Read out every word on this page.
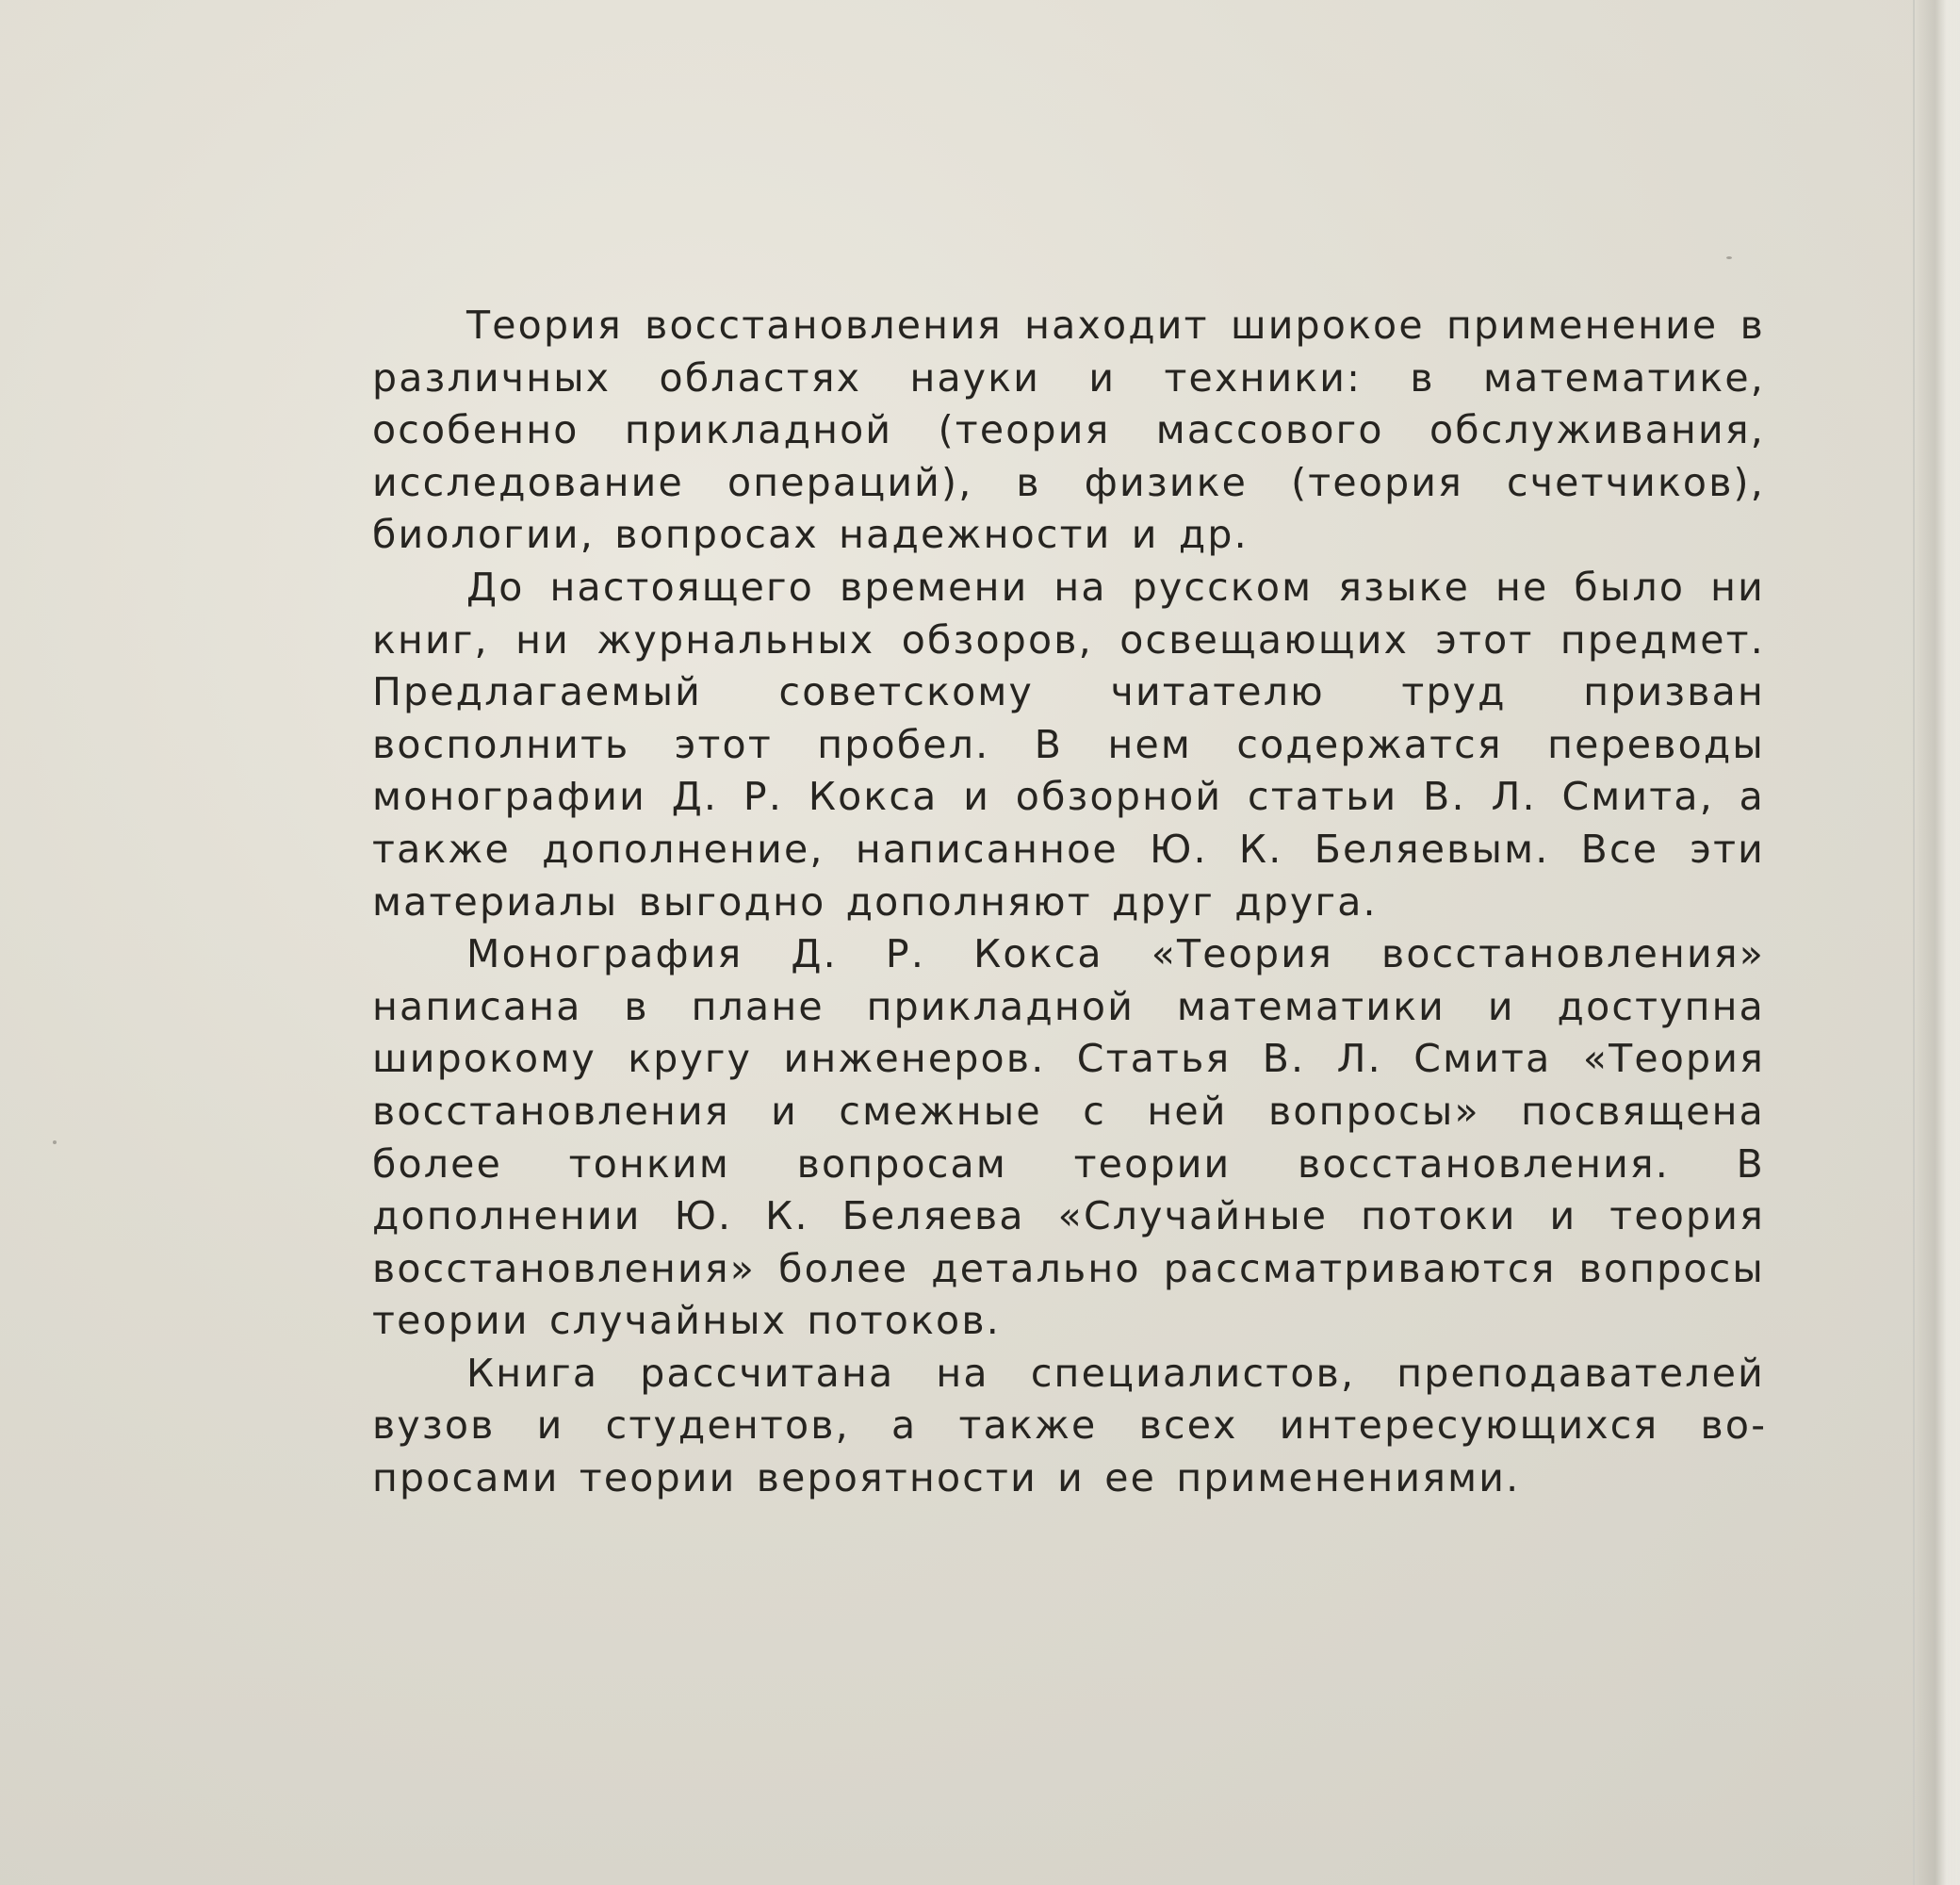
Теория восстановления находит широкое применение в различных областях науки и техники: в математике, особенно прикладной (теория массового обслуживания, исследование операций), в физике (теория счетчиков), биологии, вопросах надежности и др.

До настоящего времени на русском языке не было ни книг, ни журнальных обзоров, освещающих этот предмет. Предлагаемый советскому читателю труд призван восполнить этот пробел. В нем содержатся переводы монографии Д. Р. Кокса и обзорной статьи В. Л. Смита, а также дополнение, написанное Ю. К. Беляевым. Все эти материалы выгодно дополняют друг друга.

Монография Д. Р. Кокса «Теория восстановления» написана в плане прикладной математики и доступна широкому кругу инженеров. Статья В. Л. Смита «Теория восстановления и смежные с ней вопросы» посвящена более тонким вопросам теории восстановления. В дополнении Ю. К. Беляева «Случайные потоки и теория восстановления» более детально рассматриваются вопросы теории случайных потоков.

Книга рассчитана на специалистов, преподавателей вузов и студентов, а также всех интересующихся вопросами теории вероятности и ее применениями.
